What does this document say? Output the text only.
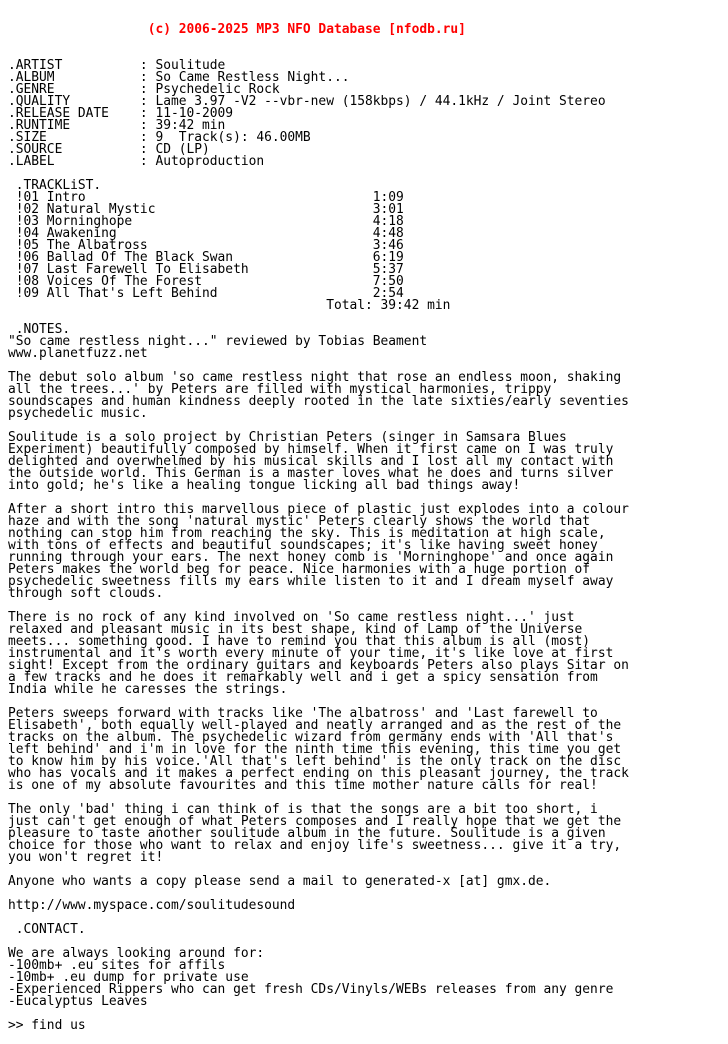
(c) 2006-2025 MP3 NFO Database [nfodb.ru]

.ARTIST          : Soulitude
.ALBUM           : So Came Restless Night...
.GENRE           : Psychedelic Rock
.QUALITY         : Lame 3.97 -V2 --vbr-new (158kbps) / 44.1kHz / Joint Stereo
.RELEASE DATE    : 11-10-2009
.RUNTIME         : 39:42 min
.SIZE            : 9  Track(s): 46.00MB
.SOURCE          : CD (LP)
.LABEL           : Autoproduction

.TRACKLiST.
!01 Intro                                     1:09
!02 Natural Mystic                            3:01
!03 Morninghope                               4:18
!04 Awakening                                 4:48
!05 The Albatross                             3:46
!06 Ballad Of The Black Swan                  6:19
!07 Last Farewell To Elisabeth                5:37
!08 Voices Of The Forest                      7:50
!09 All That's Left Behind                    2:54
Total: 39:42 min

.NOTES.
"So came restless night..." reviewed by Tobias Beament
www.planetfuzz.net

The debut solo album 'so came restless night that rose an endless moon, shaking
all the trees...' by Peters are filled with mystical harmonies, trippy
soundscapes and human kindness deeply rooted in the late sixties/early seventies
psychedelic music.

Soulitude is a solo project by Christian Peters (singer in Samsara Blues
Experiment) beautifully composed by himself. When it first came on I was truly
delighted and overwhelmed by his musical skills and I lost all my contact with
the outside world. This German is a master loves what he does and turns silver
into gold; he's like a healing tongue licking all bad things away!

After a short intro this marvellous piece of plastic just explodes into a colour
haze and with the song 'natural mystic' Peters clearly shows the world that
nothing can stop him from reaching the sky. This is meditation at high scale,
with tons of effects and beautiful soundscapes; it's like having sweet honey
running through your ears. The next honey comb is 'Morninghope' and once again
Peters makes the world beg for peace. Nice harmonies with a huge portion of
psychedelic sweetness fills my ears while listen to it and I dream myself away
through soft clouds.

There is no rock of any kind involved on 'So came restless night...' just
relaxed and pleasant music in its best shape, kind of Lamp of the Universe
meets... something good. I have to remind you that this album is all (most)
instrumental and it's worth every minute of your time, it's like love at first
sight! Except from the ordinary guitars and keyboards Peters also plays Sitar on
a few tracks and he does it remarkably well and i get a spicy sensation from
India while he caresses the strings.

Peters sweeps forward with tracks like 'The albatross' and 'Last farewell to
Elisabeth', both equally well-played and neatly arranged and as the rest of the
tracks on the album. The psychedelic wizard from germany ends with 'All that's
left behind' and i'm in love for the ninth time this evening, this time you get
to know him by his voice.'All that's left behind' is the only track on the disc
who has vocals and it makes a perfect ending on this pleasant journey, the track
is one of my absolute favourites and this time mother nature calls for real!

The only 'bad' thing i can think of is that the songs are a bit too short, i
just can't get enough of what Peters composes and I really hope that we get the
pleasure to taste another soulitude album in the future. Soulitude is a given
choice for those who want to relax and enjoy life's sweetness... give it a try,
you won't regret it!

Anyone who wants a copy please send a mail to generated-x [at] gmx.de.

http://www.myspace.com/soulitudesound

.CONTACT.

We are always looking around for:
-100mb+ .eu sites for affils
-10mb+ .eu dump for private use
-Experienced Rippers who can get fresh CDs/Vinyls/WEBs releases from any genre
-Eucalyptus Leaves

>> find us
